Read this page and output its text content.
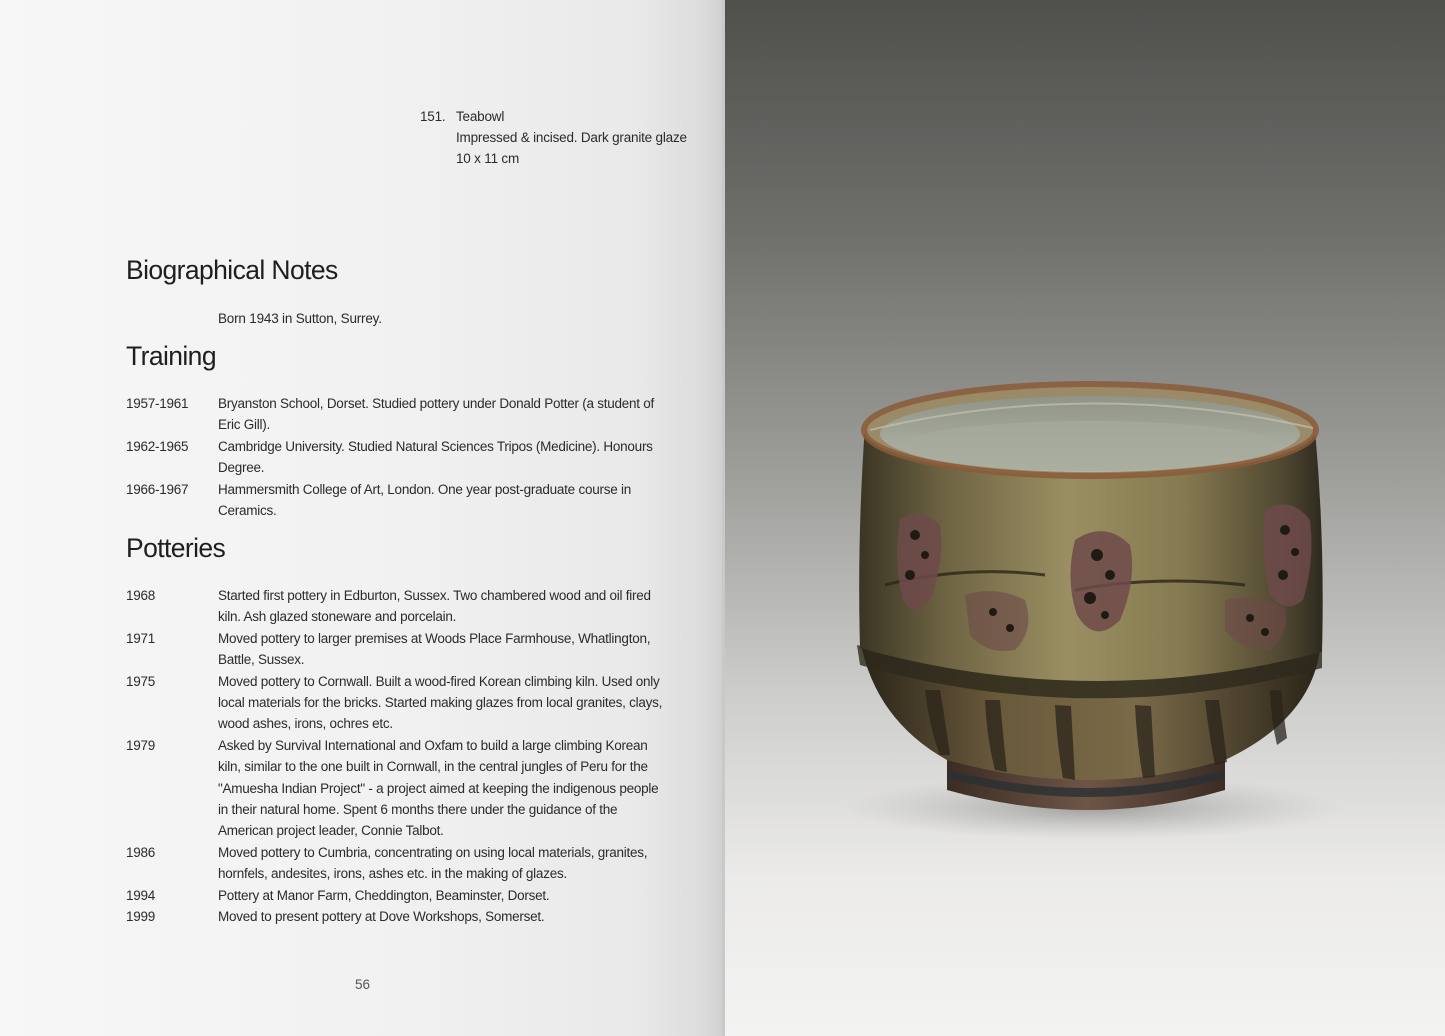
151. Teabowl
Impressed & incised. Dark granite glaze
10 x 11 cm
Biographical Notes
Born 1943 in Sutton, Surrey.
Training
1957-1961 Bryanston School, Dorset. Studied pottery under Donald Potter (a student of Eric Gill).
1962-1965 Cambridge University. Studied Natural Sciences Tripos (Medicine). Honours Degree.
1966-1967 Hammersmith College of Art, London. One year post-graduate course in Ceramics.
Potteries
1968	Started first pottery in Edburton, Sussex. Two chambered wood and oil fired kiln. Ash glazed stoneware and porcelain.
1971	Moved pottery to larger premises at Woods Place Farmhouse, Whatlington, Battle, Sussex.
1975	Moved pottery to Cornwall. Built a wood-fired Korean climbing kiln. Used only local materials for the bricks. Started making glazes from local granites, clays, wood ashes, irons, ochres etc.
1979	Asked by Survival International and Oxfam to build a large climbing Korean kiln, similar to the one built in Cornwall, in the central jungles of Peru for the "Amuesha Indian Project" - a project aimed at keeping the indigenous people in their natural home. Spent 6 months there under the guidance of the American project leader, Connie Talbot.
1986	Moved pottery to Cumbria, concentrating on using local materials, granites, hornfels, andesites, irons, ashes etc. in the making of glazes.
1994	Pottery at Manor Farm, Cheddington, Beaminster, Dorset.
1999	Moved to present pottery at Dove Workshops, Somerset.
56
